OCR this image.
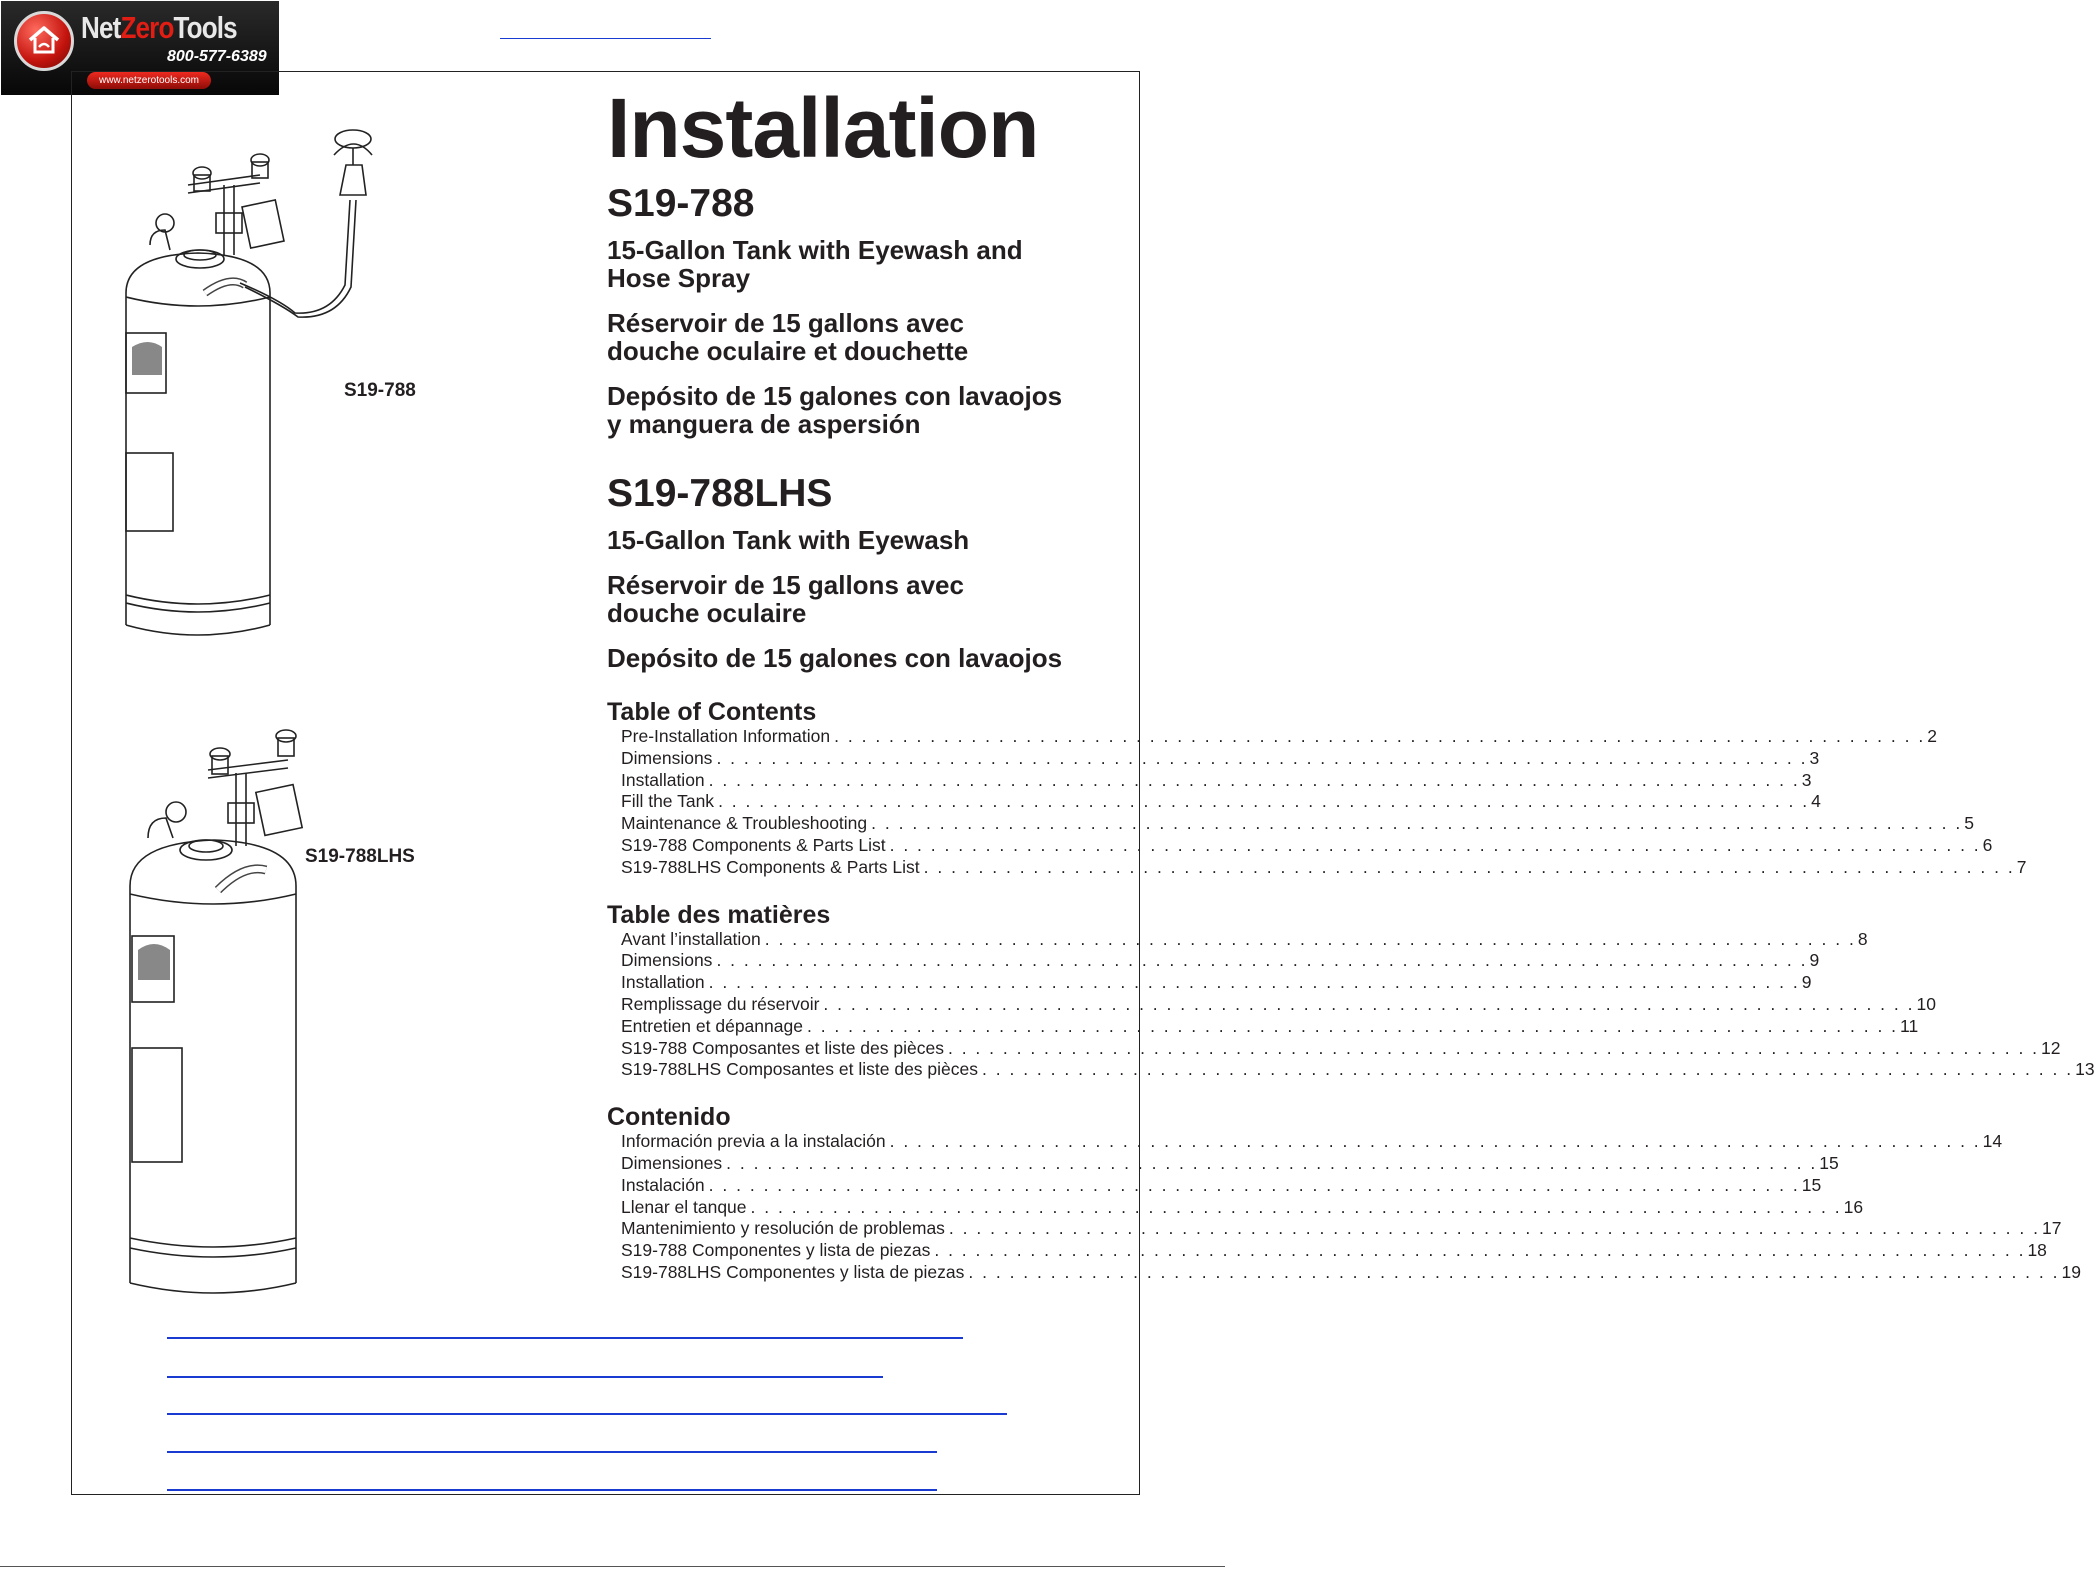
NetZeroTools
800-577-6389
www.netzerotools.com
S19-788
S19-788LHS
Installation
S19-788
15-Gallon Tank with Eyewash and
Hose Spray
Réservoir de 15 gallons avec
douche oculaire et douchette
Depósito de 15 galones con lavaojos
y manguera de aspersión
S19-788LHS
15-Gallon Tank with Eyewash
Réservoir de 15 gallons avec
douche oculaire
Depósito de 15 galones con lavaojos
Table of Contents
Pre-Installation Information . . . . . . . . . . . . . . . . . . . . . . . . . . . . . . . . . . . . . . . . . . . . . . . . . . . . . . . . . . . . . . . . . . . . . . . . . . . . . . . . 2
Dimensions . . . . . . . . . . . . . . . . . . . . . . . . . . . . . . . . . . . . . . . . . . . . . . . . . . . . . . . . . . . . . . . . . . . . . . . . . . . . . . . . 3
Installation . . . . . . . . . . . . . . . . . . . . . . . . . . . . . . . . . . . . . . . . . . . . . . . . . . . . . . . . . . . . . . . . . . . . . . . . . . . . . . . . 3
Fill the Tank . . . . . . . . . . . . . . . . . . . . . . . . . . . . . . . . . . . . . . . . . . . . . . . . . . . . . . . . . . . . . . . . . . . . . . . . . . . . . . . . 4
Maintenance & Troubleshooting . . . . . . . . . . . . . . . . . . . . . . . . . . . . . . . . . . . . . . . . . . . . . . . . . . . . . . . . . . . . . . . . . . . . . . . . . . . . . . . . 5
S19-788 Components & Parts List . . . . . . . . . . . . . . . . . . . . . . . . . . . . . . . . . . . . . . . . . . . . . . . . . . . . . . . . . . . . . . . . . . . . . . . . . . . . . . . . 6
S19-788LHS Components & Parts List . . . . . . . . . . . . . . . . . . . . . . . . . . . . . . . . . . . . . . . . . . . . . . . . . . . . . . . . . . . . . . . . . . . . . . . . . . . . . . . . 7
Table des matières
Avant l’installation . . . . . . . . . . . . . . . . . . . . . . . . . . . . . . . . . . . . . . . . . . . . . . . . . . . . . . . . . . . . . . . . . . . . . . . . . . . . . . . . 8
Dimensions . . . . . . . . . . . . . . . . . . . . . . . . . . . . . . . . . . . . . . . . . . . . . . . . . . . . . . . . . . . . . . . . . . . . . . . . . . . . . . . . 9
Installation . . . . . . . . . . . . . . . . . . . . . . . . . . . . . . . . . . . . . . . . . . . . . . . . . . . . . . . . . . . . . . . . . . . . . . . . . . . . . . . . 9
Remplissage du réservoir . . . . . . . . . . . . . . . . . . . . . . . . . . . . . . . . . . . . . . . . . . . . . . . . . . . . . . . . . . . . . . . . . . . . . . . . . . . . . . . . 10
Entretien et dépannage . . . . . . . . . . . . . . . . . . . . . . . . . . . . . . . . . . . . . . . . . . . . . . . . . . . . . . . . . . . . . . . . . . . . . . . . . . . . . . . . 11
S19-788 Composantes et liste des pièces . . . . . . . . . . . . . . . . . . . . . . . . . . . . . . . . . . . . . . . . . . . . . . . . . . . . . . . . . . . . . . . . . . . . . . . . . . . . . . . . 12
S19-788LHS Composantes et liste des pièces . . . . . . . . . . . . . . . . . . . . . . . . . . . . . . . . . . . . . . . . . . . . . . . . . . . . . . . . . . . . . . . . . . . . . . . . . . . . . . . . 13
Contenido
Información previa a la instalación . . . . . . . . . . . . . . . . . . . . . . . . . . . . . . . . . . . . . . . . . . . . . . . . . . . . . . . . . . . . . . . . . . . . . . . . . . . . . . . . 14
Dimensiones . . . . . . . . . . . . . . . . . . . . . . . . . . . . . . . . . . . . . . . . . . . . . . . . . . . . . . . . . . . . . . . . . . . . . . . . . . . . . . . . 15
Instalación . . . . . . . . . . . . . . . . . . . . . . . . . . . . . . . . . . . . . . . . . . . . . . . . . . . . . . . . . . . . . . . . . . . . . . . . . . . . . . . . 15
Llenar el tanque . . . . . . . . . . . . . . . . . . . . . . . . . . . . . . . . . . . . . . . . . . . . . . . . . . . . . . . . . . . . . . . . . . . . . . . . . . . . . . . . 16
Mantenimiento y resolución de problemas . . . . . . . . . . . . . . . . . . . . . . . . . . . . . . . . . . . . . . . . . . . . . . . . . . . . . . . . . . . . . . . . . . . . . . . . . . . . . . . . 17
S19-788 Componentes y lista de piezas . . . . . . . . . . . . . . . . . . . . . . . . . . . . . . . . . . . . . . . . . . . . . . . . . . . . . . . . . . . . . . . . . . . . . . . . . . . . . . . . 18
S19-788LHS Componentes y lista de piezas . . . . . . . . . . . . . . . . . . . . . . . . . . . . . . . . . . . . . . . . . . . . . . . . . . . . . . . . . . . . . . . . . . . . . . . . . . . . . . . . 19
